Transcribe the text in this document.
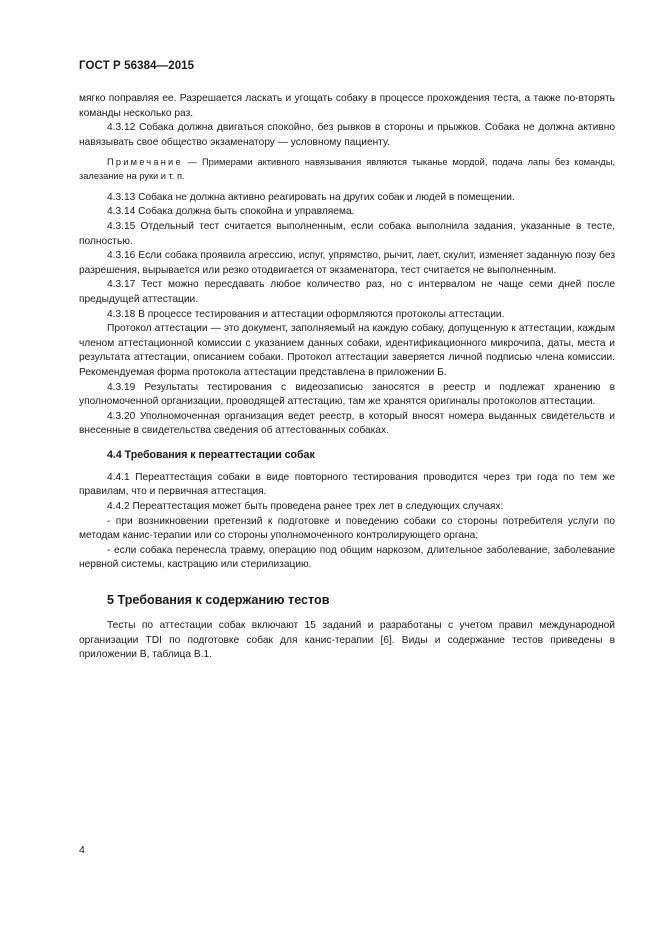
ГОСТ Р 56384—2015

мягко поправляя ее. Разрешается ласкать и угощать собаку в процессе прохождения теста, а также по-вторять команды несколько раз.

4.3.12 Собака должна двигаться спокойно, без рывков в стороны и прыжков. Собака не должна активно навязывать свое общество экзаменатору — условному пациенту.

Примечание — Примерами активного навязывания являются тыканье мордой, подача лапы без команды, залезание на руки и т. п.

4.3.13 Собака не должна активно реагировать на других собак и людей в помещении.

4.3.14 Собака должна быть спокойна и управляема.

4.3.15 Отдельный тест считается выполненным, если собака выполнила задания, указанные в тесте, полностью.

4.3.16 Если собака проявила агрессию, испуг, упрямство, рычит, лает, скулит, изменяет заданную позу без разрешения, вырывается или резко отодвигается от экзаменатора, тест считается не выполненным.

4.3.17 Тест можно пересдавать любое количество раз, но с интервалом не чаще семи дней после предыдущей аттестации.

4.3.18 В процессе тестирования и аттестации оформляются протоколы аттестации.

Протокол аттестации — это документ, заполняемый на каждую собаку, допущенную к аттестации, каждым членом аттестационной комиссии с указанием данных собаки, идентификационного микрочипа, даты, места и результата аттестации, описанием собаки. Протокол аттестации заверяется личной подписью члена комиссии. Рекомендуемая форма протокола аттестации представлена в приложении Б.

4.3.19 Результаты тестирования с видеозаписью заносятся в реестр и подлежат хранению в уполномоченной организации, проводящей аттестацию, там же хранятся оригиналы протоколов аттестации.

4.3.20 Уполномоченная организация ведет реестр, в который вносят номера выданных свидетельств и внесенные в свидетельства сведения об аттестованных собаках.

4.4 Требования к переаттестации собак

4.4.1 Переаттестация собаки в виде повторного тестирования проводится через три года по тем же правилам, что и первичная аттестация.

4.4.2 Переаттестация может быть проведена ранее трех лет в следующих случаях:

- при возникновении претензий к подготовке и поведению собаки со стороны потребителя услуги по методам канис-терапии или со стороны уполномоченного контролирующего органа;

- если собака перенесла травму, операцию под общим наркозом, длительное заболевание, заболевание нервной системы, кастрацию или стерилизацию.

5 Требования к содержанию тестов

Тесты по аттестации собак включают 15 заданий и разработаны с учетом правил международной организации TDI по подготовке собак для канис-терапии [6]. Виды и содержание тестов приведены в приложении В, таблица В.1.

4
